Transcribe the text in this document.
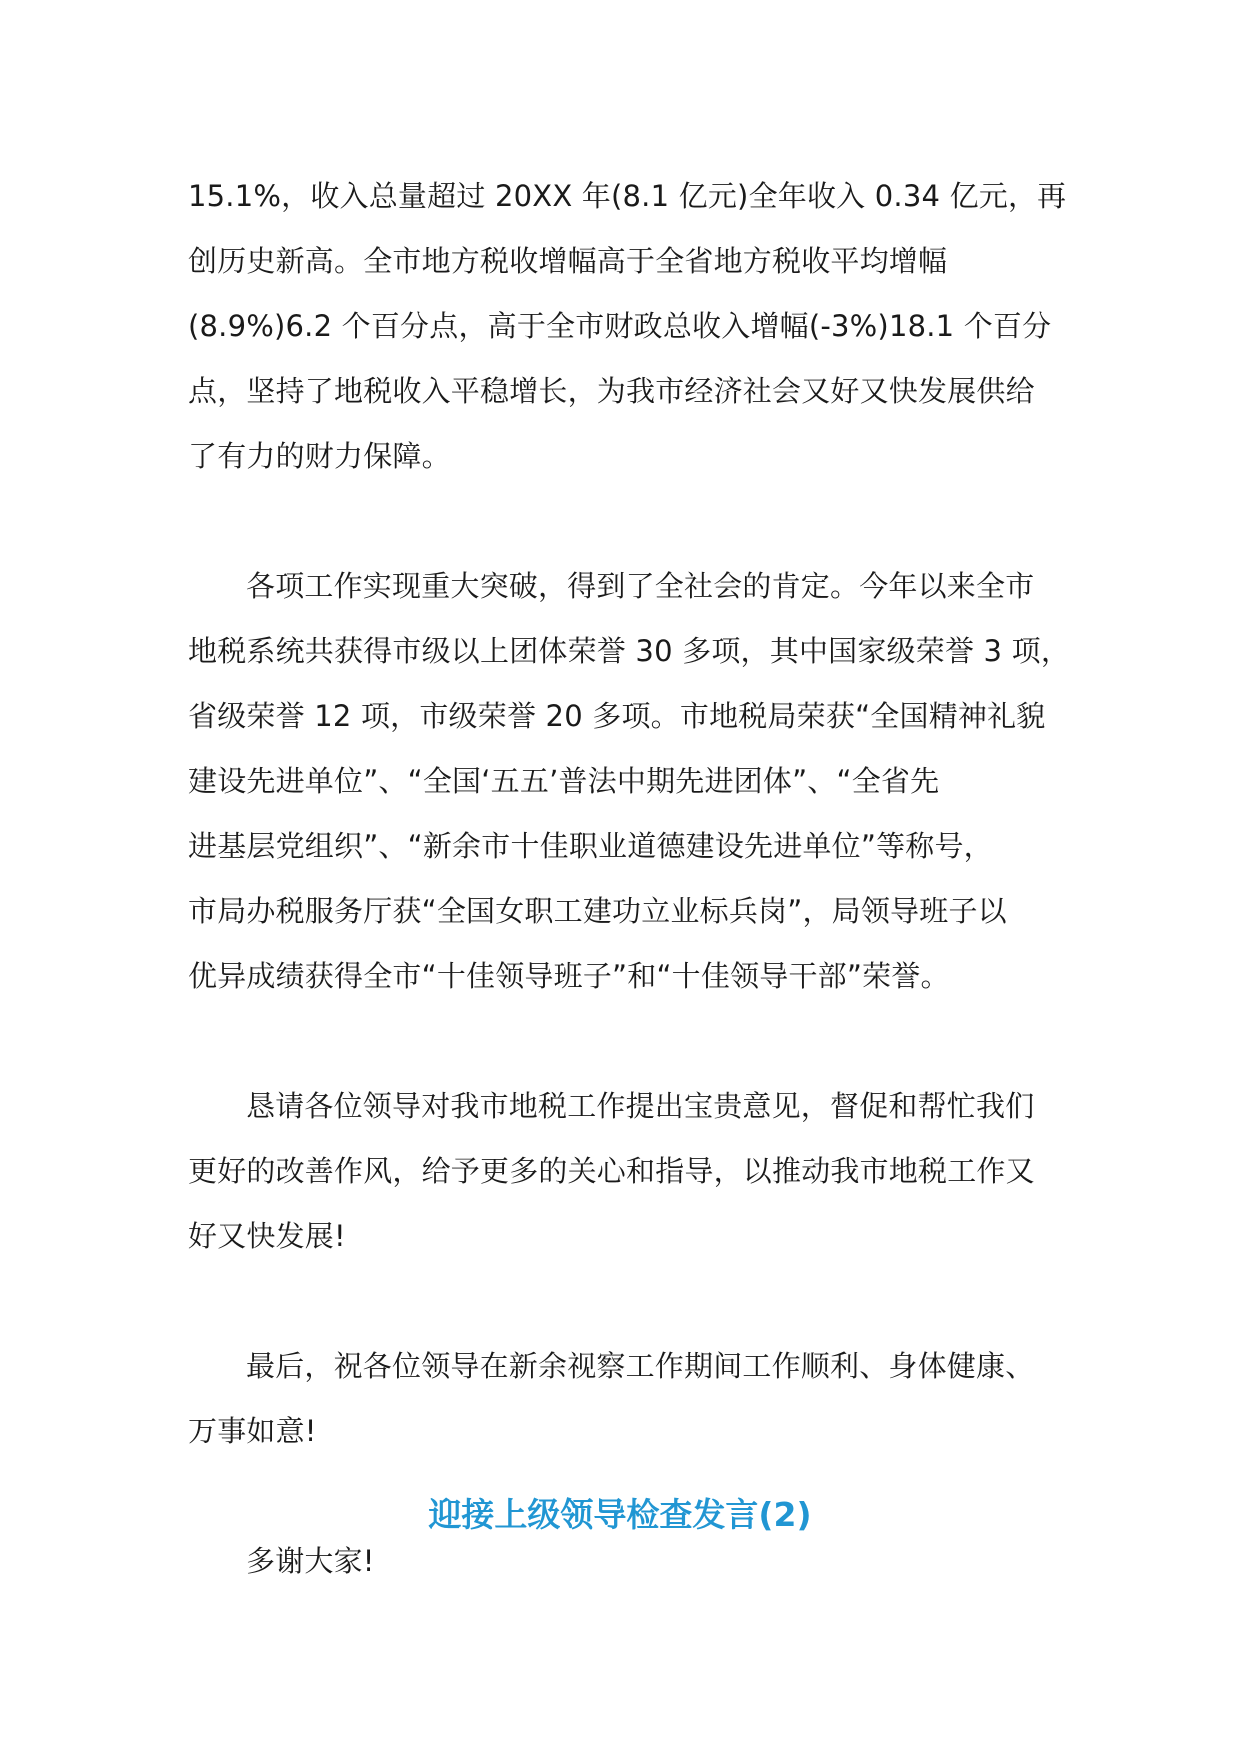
15.1%，收入总量超过 20XX 年(8.1 亿元)全年收入 0.34 亿元，再
创历史新高。全市地方税收增幅高于全省地方税收平均增幅
(8.9%)6.2 个百分点，高于全市财政总收入增幅(-3%)18.1 个百分
点，坚持了地税收入平稳增长，为我市经济社会又好又快发展供给
了有力的财力保障。
各项工作实现重大突破，得到了全社会的肯定。今年以来全市
地税系统共获得市级以上团体荣誉 30 多项，其中国家级荣誉 3 项，
省级荣誉 12 项，市级荣誉 20 多项。市地税局荣获“全国精神礼貌
建设先进单位”、“全国‘五五’普法中期先进团体”、“全省先
进基层党组织”、“新余市十佳职业道德建设先进单位”等称号，
市局办税服务厅获“全国女职工建功立业标兵岗”，局领导班子以
优异成绩获得全市“十佳领导班子”和“十佳领导干部”荣誉。
恳请各位领导对我市地税工作提出宝贵意见，督促和帮忙我们
更好的改善作风，给予更多的关心和指导，以推动我市地税工作又
好又快发展!
最后，祝各位领导在新余视察工作期间工作顺利、身体健康、
万事如意!
多谢大家!
迎接上级领导检查发言(2)
